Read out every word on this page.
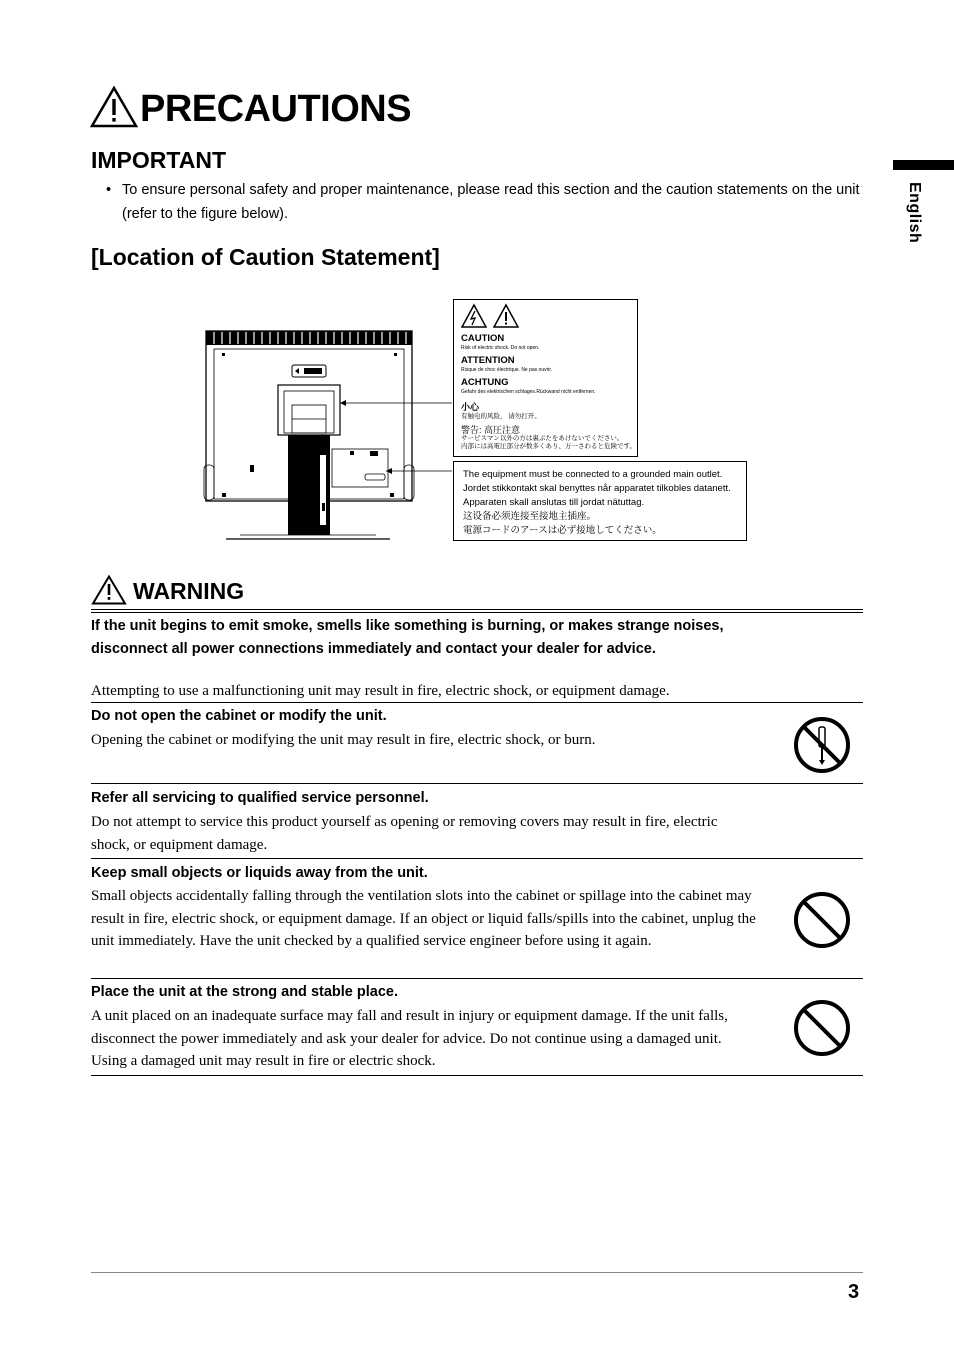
PRECAUTIONS
English
IMPORTANT
• To ensure personal safety and proper maintenance, please read this section and the caution statements on the unit (refer to the figure below).
[Location of Caution Statement]
CAUTION
Risk of electric shock. Do not open.
ATTENTION
Risque de choc électrique. Ne pas ouvrir.
ACHTUNG
Gefahr des elektrischen schlages.Rückwand nicht entfernen.
小心
有触电的风险， 请勿打开。
警告: 高圧注意
サービスマン以外の方は裏ぶたをあけないでください。
内部には高電圧部分が数多くあり、万一さわると危険です。
The equipment must be connected to a grounded main outlet.
Jordet stikkontakt skal benyttes når apparatet tilkobles datanett.
Apparaten skall anslutas till jordat nätuttag.
这设备必须连接至接地主插座。
電源コードのアースは必ず接地してください。
WARNING
If the unit begins to emit smoke, smells like something is burning, or makes strange noises, disconnect all power connections immediately and contact your dealer for advice.
Attempting to use a malfunctioning unit may result in fire, electric shock, or equipment damage.
Do not open the cabinet or modify the unit.
Opening the cabinet or modifying the unit may result in fire, electric shock, or burn.
Refer all servicing to qualified service personnel.
Do not attempt to service this product yourself as opening or removing covers may result in fire, electric shock, or equipment damage.
Keep small objects or liquids away from the unit.
Small objects accidentally falling through the ventilation slots into the cabinet or spillage into the cabinet may result in fire, electric shock, or equipment damage. If an object or liquid falls/spills into the cabinet, unplug the unit immediately. Have the unit checked by a qualified service engineer before using it again.
Place the unit at the strong and stable place.
A unit placed on an inadequate surface may fall and result in injury or equipment damage. If the unit falls, disconnect the power immediately and ask your dealer for advice. Do not continue using a damaged unit. Using a damaged unit may result in fire or electric shock.
3
